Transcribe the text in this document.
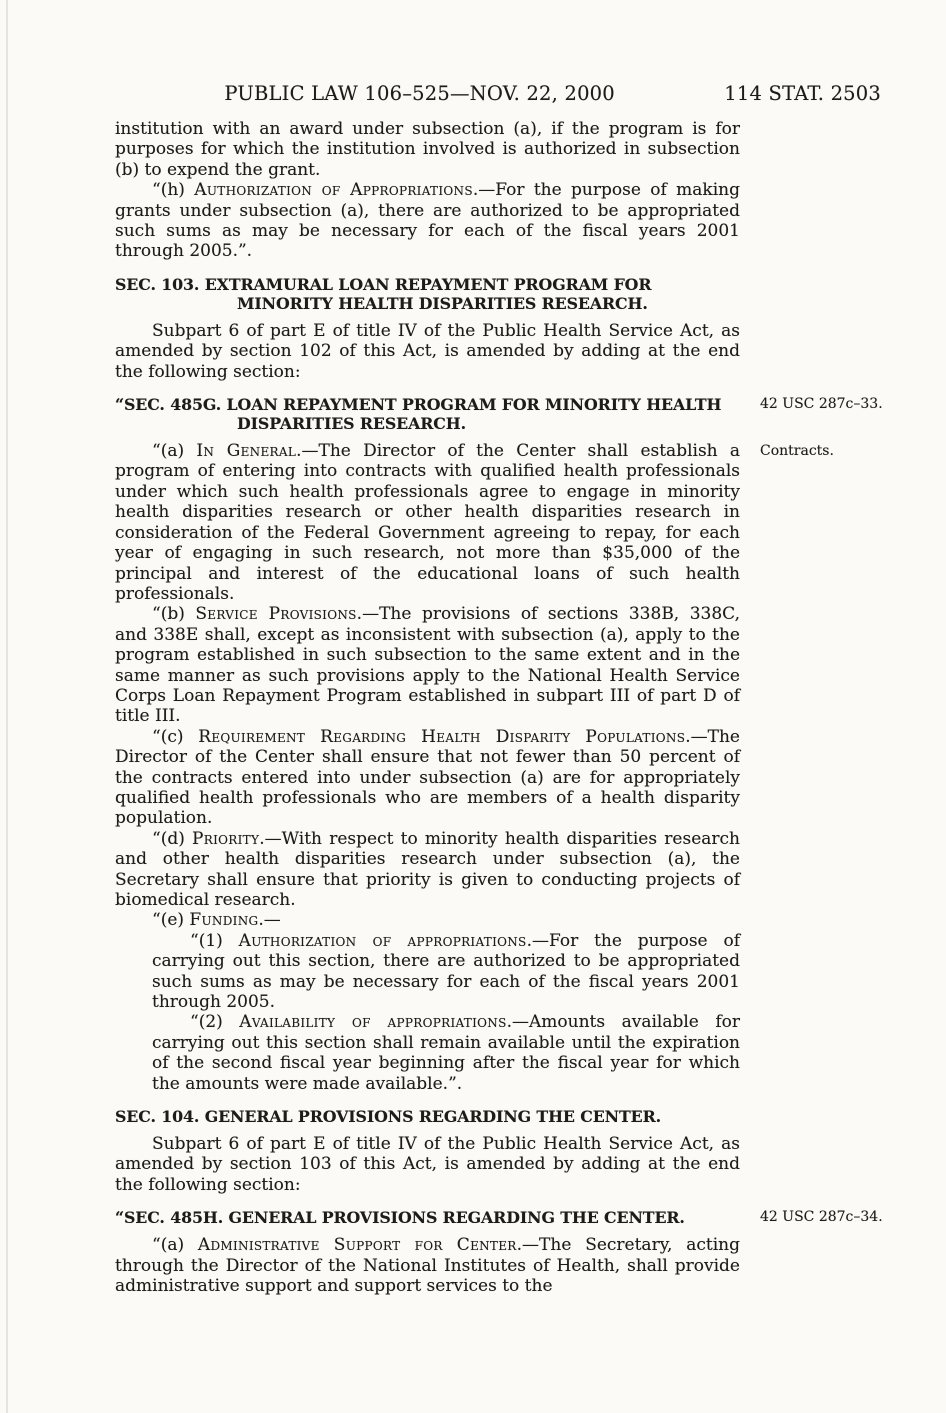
PUBLIC LAW 106–525—NOV. 22, 2000	114 STAT. 2503

institution with an award under subsection (a), if the program is for purposes for which the institution involved is authorized in subsection (b) to expend the grant.

“(h) Authorization of Appropriations.—For the purpose of making grants under subsection (a), there are authorized to be appropriated such sums as may be necessary for each of the fiscal years 2001 through 2005.”.

SEC. 103. EXTRAMURAL LOAN REPAYMENT PROGRAM FOR MINORITY HEALTH DISPARITIES RESEARCH.

Subpart 6 of part E of title IV of the Public Health Service Act, as amended by section 102 of this Act, is amended by adding at the end the following section:

“SEC. 485G. LOAN REPAYMENT PROGRAM FOR MINORITY HEALTH DISPARITIES RESEARCH.
42 USC 287c–33.

“(a) In General.—The Director of the Center shall establish a program of entering into contracts with qualified health professionals under which such health professionals agree to engage in minority health disparities research or other health disparities research in consideration of the Federal Government agreeing to repay, for each year of engaging in such research, not more than $35,000 of the principal and interest of the educational loans of such health professionals.
Contracts.

“(b) Service Provisions.—The provisions of sections 338B, 338C, and 338E shall, except as inconsistent with subsection (a), apply to the program established in such subsection to the same extent and in the same manner as such provisions apply to the National Health Service Corps Loan Repayment Program established in subpart III of part D of title III.

“(c) Requirement Regarding Health Disparity Populations.—The Director of the Center shall ensure that not fewer than 50 percent of the contracts entered into under subsection (a) are for appropriately qualified health professionals who are members of a health disparity population.

“(d) Priority.—With respect to minority health disparities research and other health disparities research under subsection (a), the Secretary shall ensure that priority is given to conducting projects of biomedical research.

“(e) Funding.—

“(1) Authorization of appropriations.—For the purpose of carrying out this section, there are authorized to be appropriated such sums as may be necessary for each of the fiscal years 2001 through 2005.

“(2) Availability of appropriations.—Amounts available for carrying out this section shall remain available until the expiration of the second fiscal year beginning after the fiscal year for which the amounts were made available.”.

SEC. 104. GENERAL PROVISIONS REGARDING THE CENTER.

Subpart 6 of part E of title IV of the Public Health Service Act, as amended by section 103 of this Act, is amended by adding at the end the following section:

“SEC. 485H. GENERAL PROVISIONS REGARDING THE CENTER.	42 USC 287c–34.

“(a) Administrative Support for Center.—The Secretary, acting through the Director of the National Institutes of Health, shall provide administrative support and support services to the
